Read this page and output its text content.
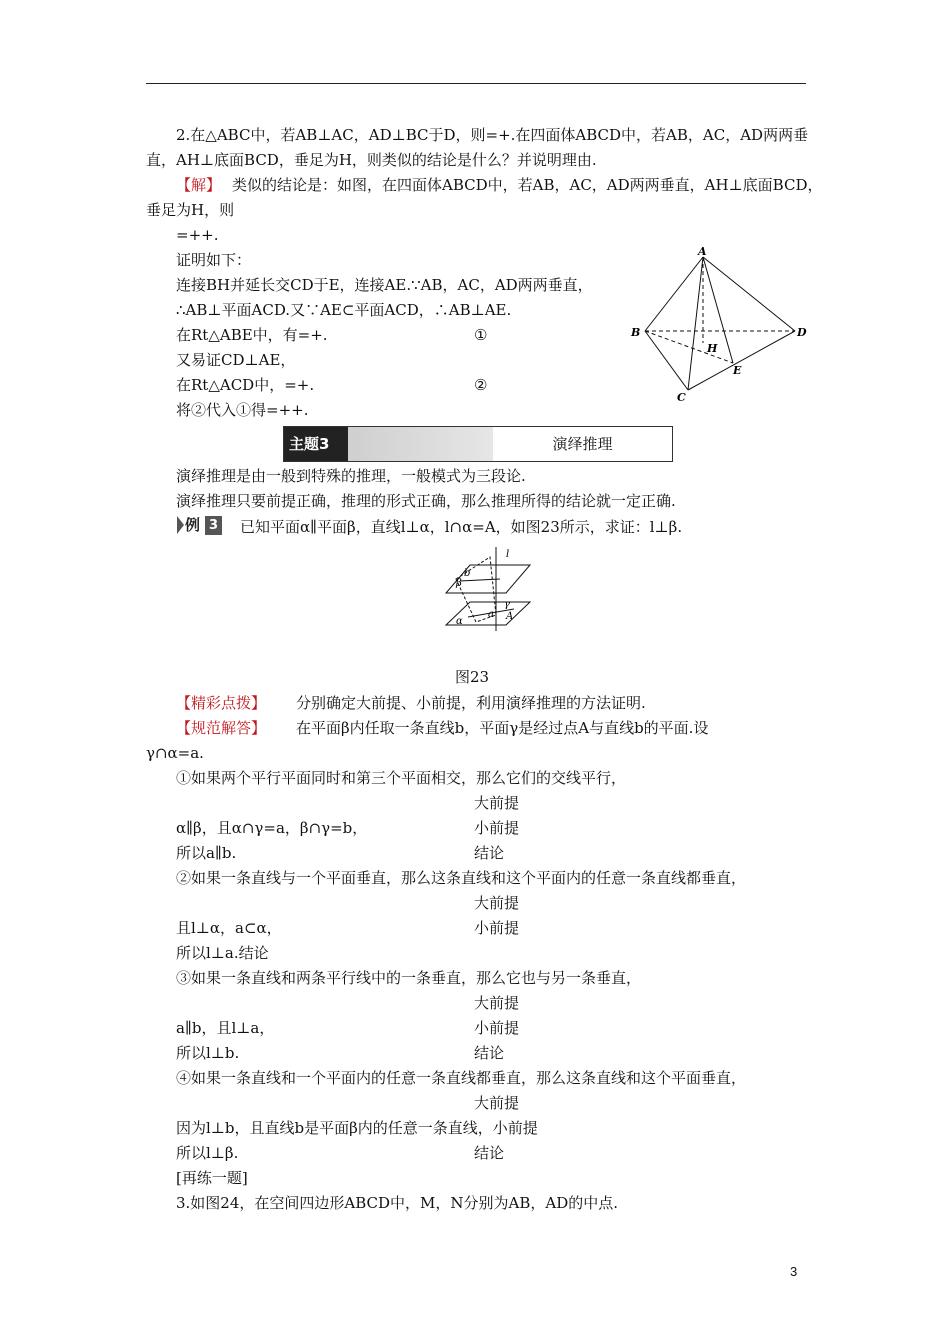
2.在△ABC中，若AB⊥AC，AD⊥BC于D，则=+.在四面体ABCD中，若AB，AC，AD两两垂
直，AH⊥底面BCD，垂足为H，则类似的结论是什么？并说明理由.
【解】 类似的结论是：如图，在四面体ABCD中，若AB，AC，AD两两垂直，AH⊥底面BCD，
垂足为H，则
=++.
证明如下：
连接BH并延长交CD于E，连接AE.∵AB，AC，AD两两垂直，
∴AB⊥平面ACD.又∵AE⊂平面ACD，∴AB⊥AE.
在Rt△ABE中，有=+.	①
又易证CD⊥AE，
在Rt△ACD中，=+.	②
将②代入①得=++.
A
B
C
D
E
H
主题3	演绎推理
演绎推理是由一般到特殊的推理，一般模式为三段论.
演绎推理只要前提正确，推理的形式正确，那么推理所得的结论就一定正确.
例 3 已知平面α∥平面β，直线l⊥α，l∩α=A，如图23所示，求证：l⊥β.
l
b
β
γ
a A
α
图23
【精彩点拨】 分别确定大前提、小前提，利用演绎推理的方法证明.
【规范解答】 在平面β内任取一条直线b，平面γ是经过点A与直线b的平面.设
γ∩α=a.
①如果两个平行平面同时和第三个平面相交，那么它们的交线平行，
大前提
α∥β，且α∩γ=a，β∩γ=b，	小前提
所以a∥b.	结论
②如果一条直线与一个平面垂直，那么这条直线和这个平面内的任意一条直线都垂直，
大前提
且l⊥α，a⊂α，	小前提
所以l⊥a.结论
③如果一条直线和两条平行线中的一条垂直，那么它也与另一条垂直，
大前提
a∥b，且l⊥a，	小前提
所以l⊥b.	结论
④如果一条直线和一个平面内的任意一条直线都垂直，那么这条直线和这个平面垂直，
大前提
因为l⊥b，且直线b是平面β内的任意一条直线，小前提
所以l⊥β.	结论
[再练一题]
3.如图24，在空间四边形ABCD中，M，N分别为AB，AD的中点.
3
